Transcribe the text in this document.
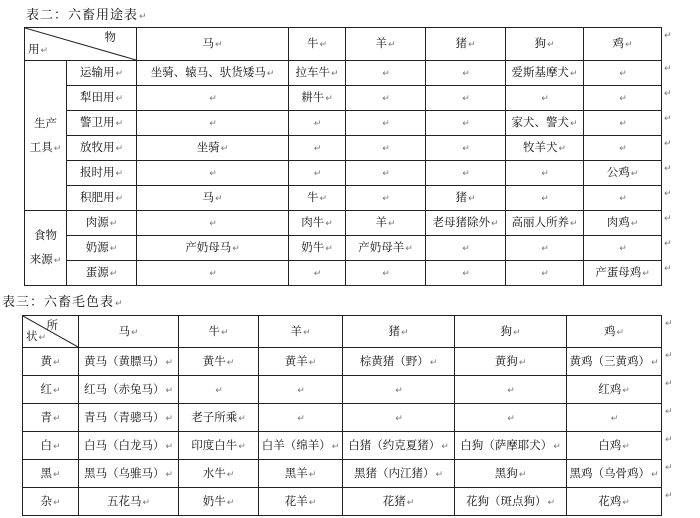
表二：六畜用途表↵
物
用↵		马↵	牛↵	羊↵	猪↵	狗↵	鸡↵

生产
工具↵	运输用↵	坐骑、辕马、驮货矮马↵	拉车牛↵	↵	↵	爱斯基摩犬↵	↵
	犁田用↵	↵	耕牛↵	↵	↵	↵	↵
	警卫用↵	↵	↵	↵	↵	家犬、警犬↵	↵
	放牧用↵	坐骑↵	↵	↵	↵	牧羊犬↵	↵
	报时用↵	↵	↵	↵	↵	↵	公鸡↵
	积肥用↵	马↵	牛↵	↵	猪↵	↵	↵

食物
来源↵	肉源↵	↵	肉牛↵	羊↵	老母猪除外↵	高丽人所养↵	肉鸡↵
	奶源↵	产奶母马↵	奶牛↵	产奶母羊↵	↵	↵	↵
	蛋源↵	↵	↵	↵	↵	↵	产蛋母鸡↵
表三：六畜毛色表↵
所
状↵	马↵	牛↵	羊↵	猪↵	狗↵	鸡↵
黄↵	黄马（黄膘马）↵	黄牛↵	黄羊↵	棕黄猪（野）↵	黄狗↵	黄鸡（三黄鸡）↵
红↵	红马（赤兔马）↵	↵	↵	↵	↵	红鸡↵
青↵	青马（青骢马）↵	老子所乘↵	↵	↵	↵	↵
白↵	白马（白龙马）↵	印度白牛↵	白羊（绵羊）↵	白猪（约克夏猪）↵	白狗（萨摩耶犬）↵	白鸡↵
黑↵	黑马（乌骓马）↵	水牛↵	黑羊↵	黑猪（内江猪）↵	黑狗↵	黑鸡（乌骨鸡）↵
杂↵	五花马↵	奶牛↵	花羊↵	花猪↵	花狗（斑点狗）↵	花鸡↵
↵
↵
↵
↵
↵
↵
↵
↵
↵
↵
↵
↵
↵
↵
↵
↵
↵
